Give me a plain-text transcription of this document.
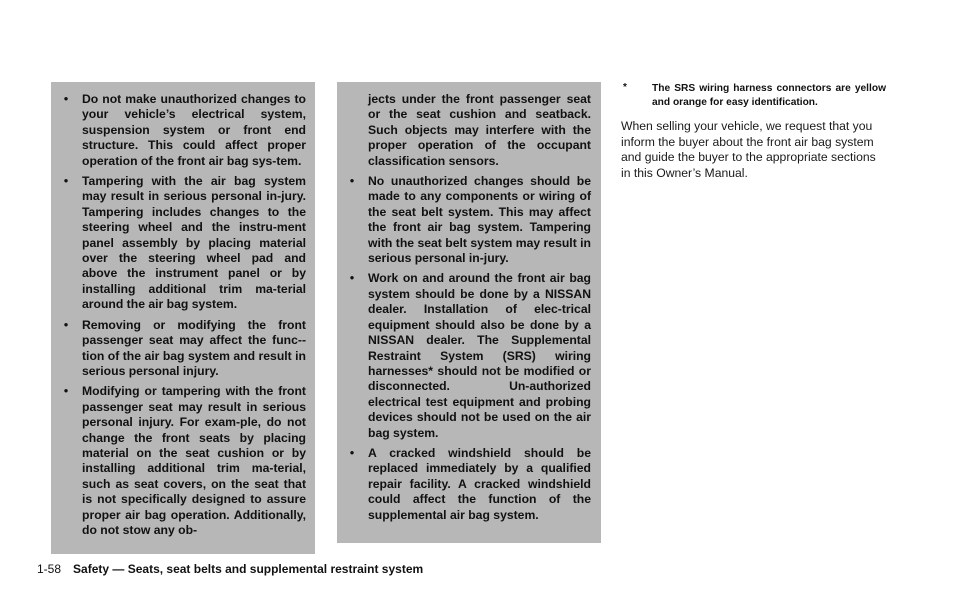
•	Do not make unauthorized changes to your vehicle’s electrical system, suspension system or front end structure. This could affect proper operation of the front air bag sys-tem.
•	Tampering with the air bag system may result in serious personal in-jury. Tampering includes changes to the steering wheel and the instru-ment panel assembly by placing material over the steering wheel pad and above the instrument panel or by installing additional trim ma-terial around the air bag system.
•	Removing or modifying the front passenger seat may affect the func-tion of the air bag system and result in serious personal injury.
•	Modifying or tampering with the front passenger seat may result in serious personal injury. For exam-ple, do not change the front seats by placing material on the seat cushion or by installing additional trim ma-terial, such as seat covers, on the seat that is not specifically designed to assure proper air bag operation. Additionally, do not stow any ob-
jects under the front passenger seat or the seat cushion and seatback. Such objects may interfere with the proper operation of the occupant classification sensors.
•	No unauthorized changes should be made to any components or wiring of the seat belt system. This may affect the front air bag system. Tampering with the seat belt system may result in serious personal in-jury.
•	Work on and around the front air bag system should be done by a NISSAN dealer. Installation of elec-trical equipment should also be done by a NISSAN dealer. The Supplemental Restraint System (SRS) wiring harnesses* should not be modified or disconnected. Un-authorized electrical test equipment and probing devices should not be used on the air bag system.
•	A cracked windshield should be replaced immediately by a qualified repair facility. A cracked windshield could affect the function of the supplemental air bag system.
* The SRS wiring harness connectors are yellow and orange for easy identification.
When selling your vehicle, we request that you inform the buyer about the front air bag system and guide the buyer to the appropriate sections in this Owner’s Manual.
1-58 Safety — Seats, seat belts and supplemental restraint system
